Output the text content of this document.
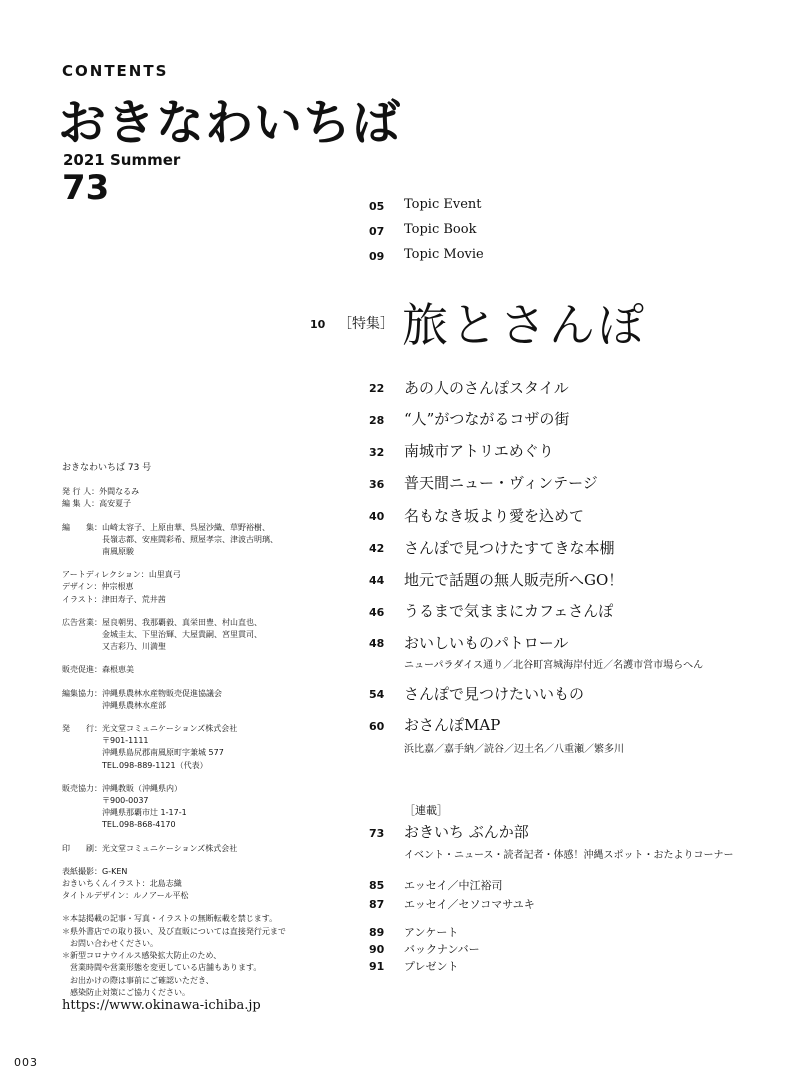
CONTENTS
おきなわいちば
2021 Summer
73	05	Topic Event
07	Topic Book
09	Topic Movie
10 ［特集］ 旅とさんぽ
22	あの人のさんぽスタイル
28	“人”がつながるコザの街
32	南城市アトリエめぐり
36	普天間ニュー・ヴィンテージ
40	名もなき坂より愛を込めて
42	さんぽで見つけたすてきな本棚
44	地元で話題の無人販売所へGO！
46	うるまで気ままにカフェさんぽ
48	おいしいものパトロール
ニューパラダイス通り／北谷町宮城海岸付近／名護市営市場らへん
54	さんぽで見つけたいいもの
60	おさんぽMAP
浜比嘉／嘉手納／読谷／辺土名／八重瀬／繁多川
［連載］
73	おきいち ぶんか部
イベント・ニュース・読者記者・体感！沖縄スポット・おたよりコーナー
85	エッセイ／中江裕司
87	エッセイ／セソコマサユキ
89	アンケート
90	バックナンバー
91	プレゼント
おきなわいちば 73 号
発 行 人： 外間なるみ
編 集 人： 高安夏子
編　　集： 山崎太容子、上原由華、呉屋沙織、草野裕樹、
長嶺志都、安座間彩希、照屋孝宗、津波古明璃、
南風原駿
アートディレクション： 山里真弓
デザイン： 仲宗根恵
イラスト： 津田寿子、荒井茜
広告営業： 屋良朝男、我那覇毅、真栄田豊、村山直也、
金城圭太、下里治輝、大屋貴嗣、宮里貫司、
又吉彩乃、川満聖
販売促進： 森根恵美
編集協力： 沖縄県農林水産物販売促進協議会
沖縄県農林水産部
発　　行： 光文堂コミュニケーションズ株式会社
〒901-1111
沖縄県島尻郡南風原町字兼城 577
TEL.098-889-1121（代表）
販売協力： 沖縄教販（沖縄県内）
〒900-0037
沖縄県那覇市辻 1-17-1
TEL.098-868-4170
印　　刷： 光文堂コミュニケーションズ株式会社
表紙撮影： G-KEN
おきいちくんイラスト： 北島志織
タイトルデザイン： ルノアール平松
＊本誌掲載の記事・写真・イラストの無断転載を禁じます。
＊県外書店での取り扱い、及び直販については直接発行元まで
　お問い合わせください。
＊新型コロナウイルス感染拡大防止のため、
　営業時間や営業形態を変更している店舗もあります。
　お出かけの際は事前にご確認いただき、
　感染防止対策にご協力ください。
https://www.okinawa-ichiba.jp
003
